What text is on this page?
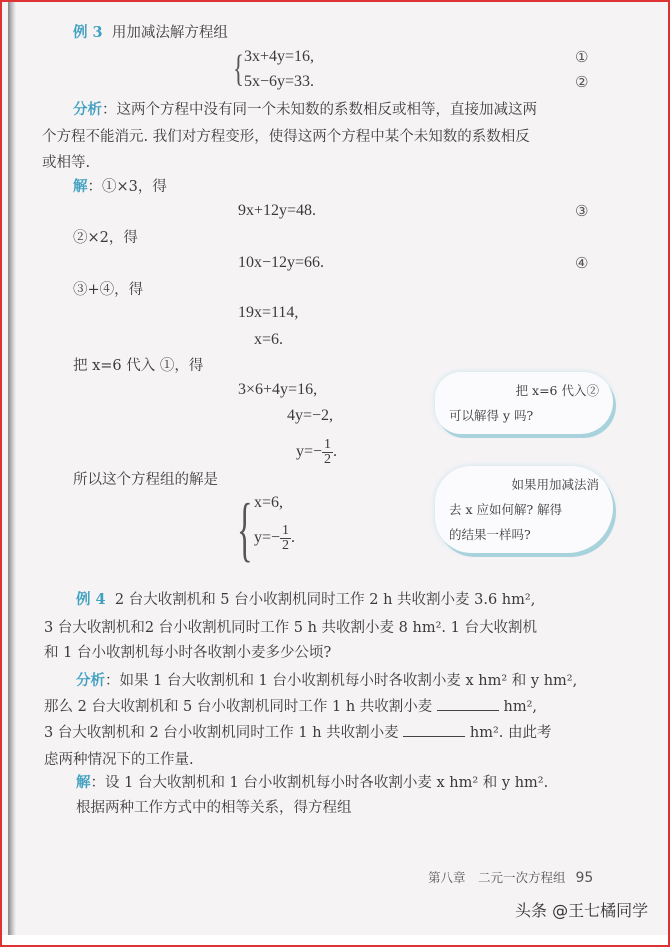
例 3 用加减法解方程组
{ 3x+4y=16,
5x−6y=33.
①
②
分析：这两个方程中没有同一个未知数的系数相反或相等，直接加减这两
个方程不能消元. 我们对方程变形，使得这两个方程中某个未知数的系数相反
或相等.
解：①×3，得
9x+12y=48.	③
②×2，得
10x−12y=66.	④
③+④，得
19x=114,
x=6.
把 x=6 代入 ①，得
3×6+4y=16,
4y=−2,
$y=- \frac{1}{2}$ .
所以这个方程组的解是
{ x=6,
$y=- \frac{1}{2}$ .
把 x=6 代入②
可以解得 y 吗?
如果用加减法消
去 x 应如何解? 解得
的结果一样吗?
例 4 2 台大收割机和 5 台小收割机同时工作 2 h 共收割小麦 3.6 hm²,
3 台大收割机和2 台小收割机同时工作 5 h 共收割小麦 8 hm². 1 台大收割机
和 1 台小收割机每小时各收割小麦多少公顷?
分析：如果 1 台大收割机和 1 台小收割机每小时各收割小麦 x hm² 和 y hm²,
那么 2 台大收割机和 5 台小收割机同时工作 1 h 共收割小麦	hm²,
3 台大收割机和 2 台小收割机同时工作 1 h 共收割小麦	hm². 由此考
虑两种情况下的工作量.
解：设 1 台大收割机和 1 台小收割机每小时各收割小麦 x hm² 和 y hm².
根据两种工作方式中的相等关系，得方程组
第八章　二元一次方程组 95
头条 @王七橘同学
